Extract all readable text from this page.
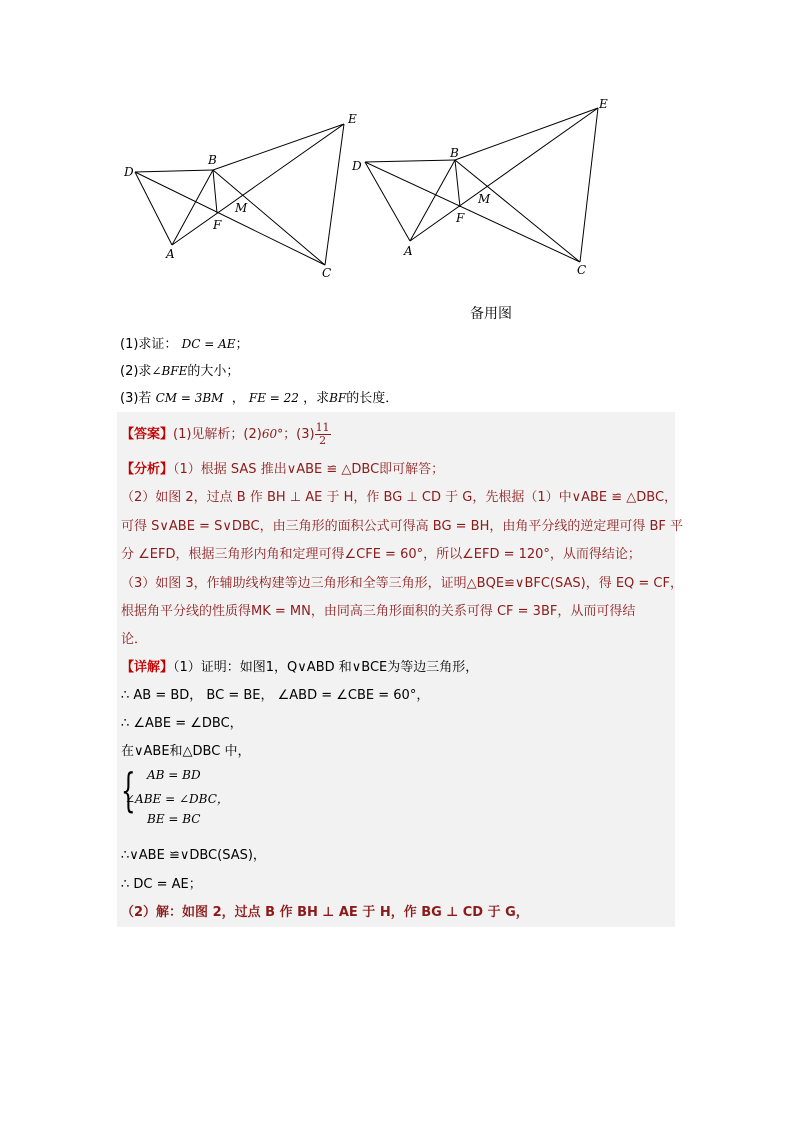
D
B
E
M
F
A
C
D
B
E
M
F
A
C
备用图
(1)求证： DC = AE；
(2)求∠BFE的大小；
(3)若 CM = 3BM ， FE = 22 ，求BF的长度．
【答案】(1)见解析；(2)60°；$(3) \frac{11}{2}$
【分析】（1）根据 SAS 推出∨ABE ≌ △DBC即可解答；
（2）如图 2，过点 B 作 BH ⊥ AE 于 H，作 BG ⊥ CD 于 G，先根据（1）中∨ABE ≌ △DBC，
可得 S∨ABE = S∨DBC，由三角形的面积公式可得高 BG = BH，由角平分线的逆定理可得 BF 平
分 ∠EFD，根据三角形内角和定理可得∠CFE = 60°，所以∠EFD = 120°，从而得结论；
（3）如图 3，作辅助线构建等边三角形和全等三角形，证明△BQE≌∨BFC(SAS)，得 EQ = CF，
根据角平分线的性质得MK = MN，由同高三角形面积的关系可得 CF = 3BF，从而可得结
论．
【详解】（1）证明：如图1，Q∨ABD 和∨BCE为等边三角形，
∴ AB = BD， BC = BE， ∠ABD = ∠CBE = 60°，
∴ ∠ABE = ∠DBC，
在∨ABE和△DBC 中，
{ AB = BD
∠ABE = ∠DBC，
BE = BC
∴∨ABE ≌∨DBC(SAS)，
∴ DC = AE；
（2）解：如图 2，过点 B 作 BH ⊥ AE 于 H，作 BG ⊥ CD 于 G，
